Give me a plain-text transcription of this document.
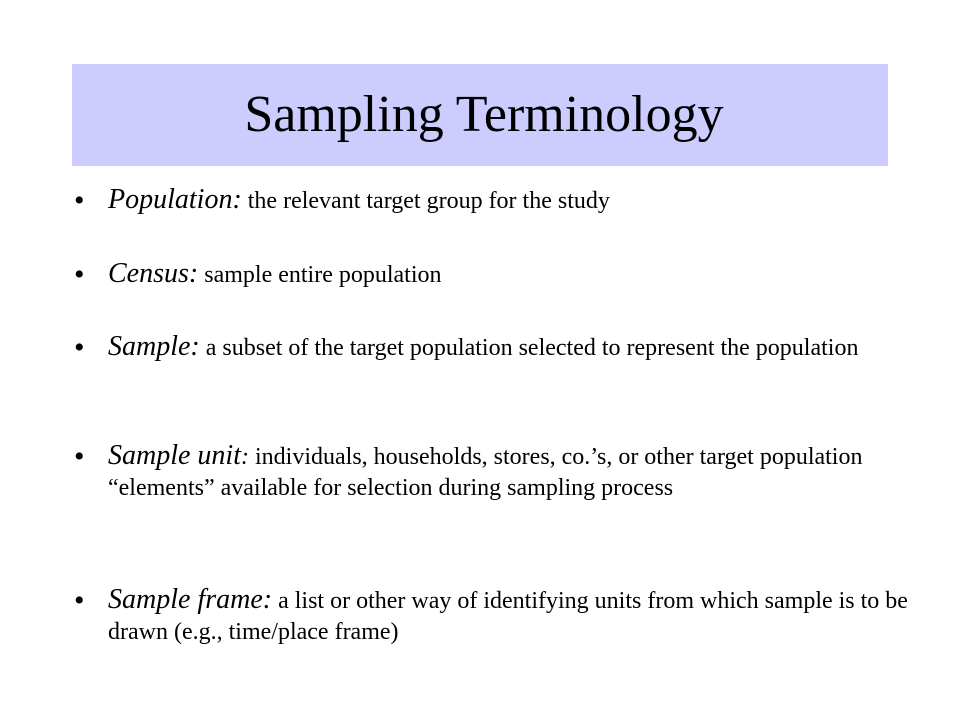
Sampling Terminology
• Population: the relevant target group for the study
• Census: sample entire population
• Sample: a subset of the target population selected to represent the population
• Sample unit: individuals, households, stores, co.’s, or other target population “elements” available for selection during sampling process
• Sample frame: a list or other way of identifying units from which sample is to be drawn (e.g., time/place frame)
